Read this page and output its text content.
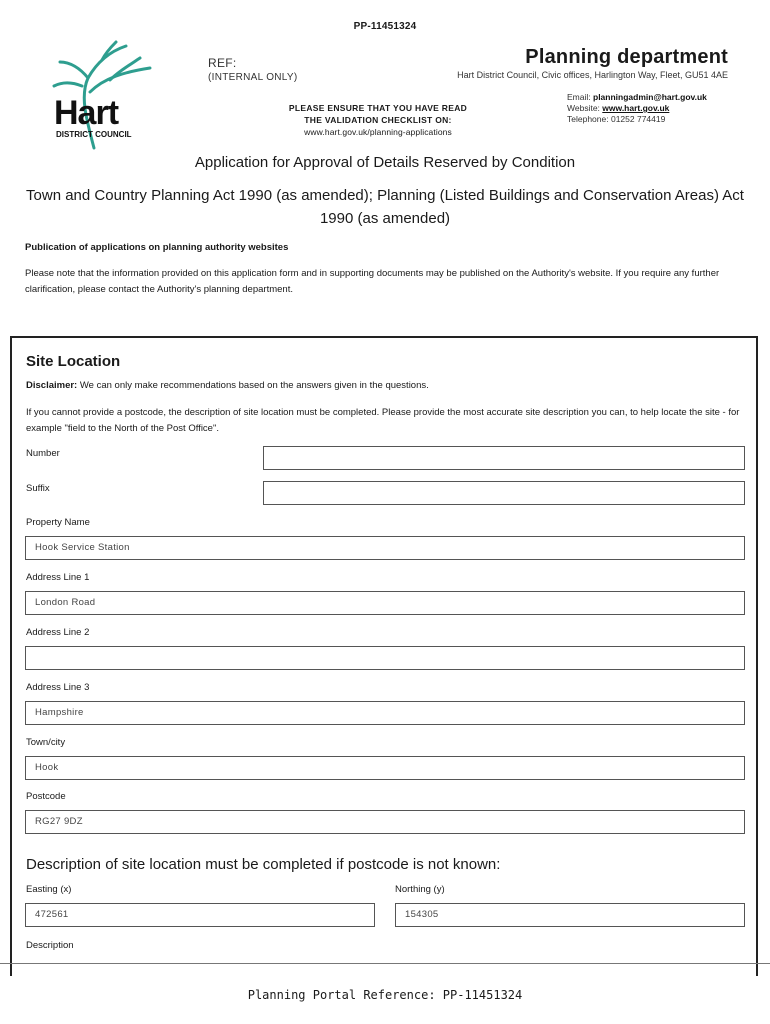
PP-11451324
Hart
DISTRICT COUNCIL
REF:
(INTERNAL ONLY)
PLEASE ENSURE THAT YOU HAVE READ
THE VALIDATION CHECKLIST ON:
www.hart.gov.uk/planning-applications
Planning department
Hart District Council, Civic offices, Harlington Way, Fleet, GU51 4AE
Email: planningadmin@hart.gov.uk
Website: www.hart.gov.uk
Telephone: 01252 774419
Application for Approval of Details Reserved by Condition
Town and Country Planning Act 1990 (as amended); Planning (Listed Buildings and Conservation Areas) Act 1990 (as amended)
Publication of applications on planning authority websites
Please note that the information provided on this application form and in supporting documents may be published on the Authority's website. If you require any further clarification, please contact the Authority's planning department.
Site Location
Disclaimer: We can only make recommendations based on the answers given in the questions.
If you cannot provide a postcode, the description of site location must be completed. Please provide the most accurate site description you can, to help locate the site - for example "field to the North of the Post Office".
Number
Suffix
Property Name
Hook Service Station
Address Line 1
London Road
Address Line 2
Address Line 3
Hampshire
Town/city
Hook
Postcode
RG27 9DZ
Description of site location must be completed if postcode is not known:
Easting (x)
472561
Northing (y)
154305
Description
Planning Portal Reference: PP-11451324
